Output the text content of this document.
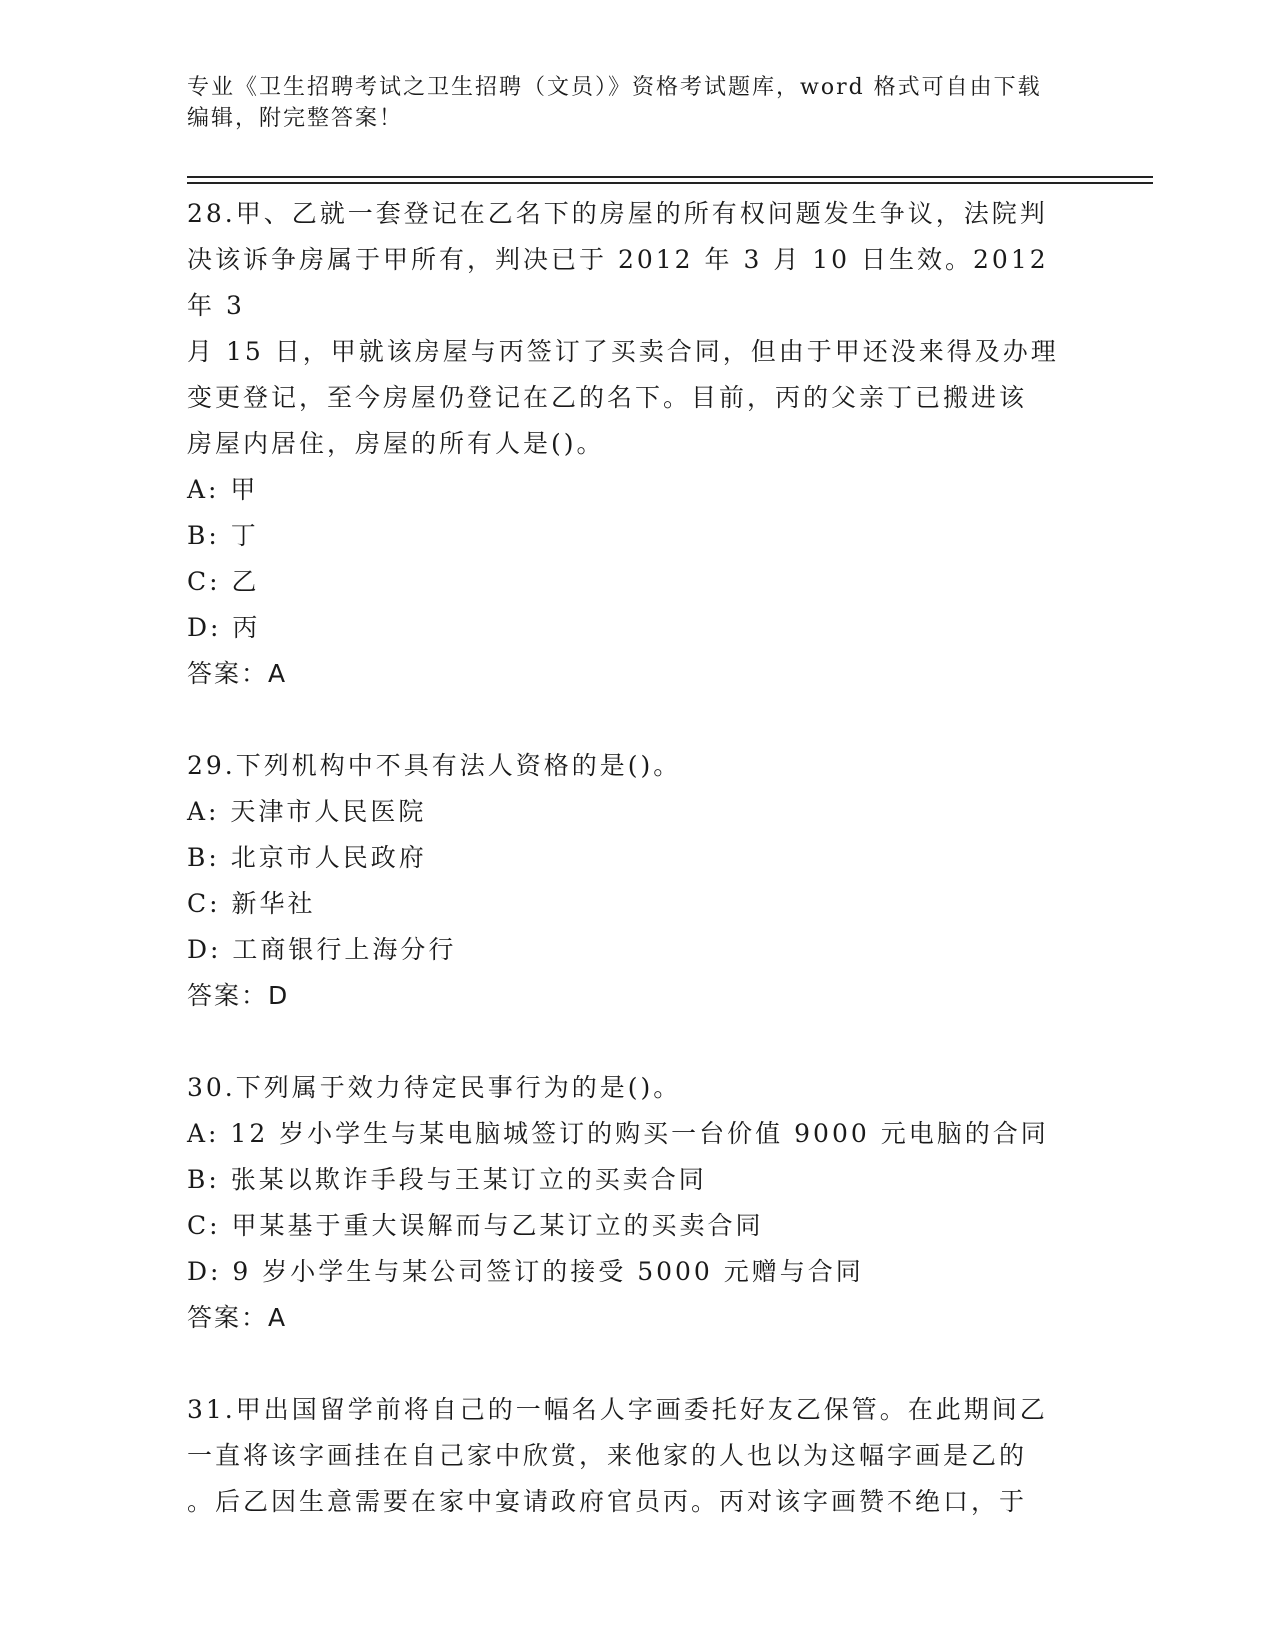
专业《卫生招聘考试之卫生招聘（文员）》资格考试题库，word 格式可自由下载
编辑，附完整答案！
28.甲、乙就一套登记在乙名下的房屋的所有权问题发生争议，法院判
决该诉争房属于甲所有，判决已于 2012 年 3 月 10 日生效。2012 年 3
月 15 日，甲就该房屋与丙签订了买卖合同，但由于甲还没来得及办理
变更登记，至今房屋仍登记在乙的名下。目前，丙的父亲丁已搬进该
房屋内居住，房屋的所有人是()。
A: 甲
B: 丁
C: 乙
D: 丙
答案：A
29.下列机构中不具有法人资格的是()。
A: 天津市人民医院
B: 北京市人民政府
C: 新华社
D: 工商银行上海分行
答案：D
30.下列属于效力待定民事行为的是()。
A: 12 岁小学生与某电脑城签订的购买一台价值 9000 元电脑的合同
B: 张某以欺诈手段与王某订立的买卖合同
C: 甲某基于重大误解而与乙某订立的买卖合同
D: 9 岁小学生与某公司签订的接受 5000 元赠与合同
答案：A
31.甲出国留学前将自己的一幅名人字画委托好友乙保管。在此期间乙
一直将该字画挂在自己家中欣赏，来他家的人也以为这幅字画是乙的
。后乙因生意需要在家中宴请政府官员丙。丙对该字画赞不绝口，于
